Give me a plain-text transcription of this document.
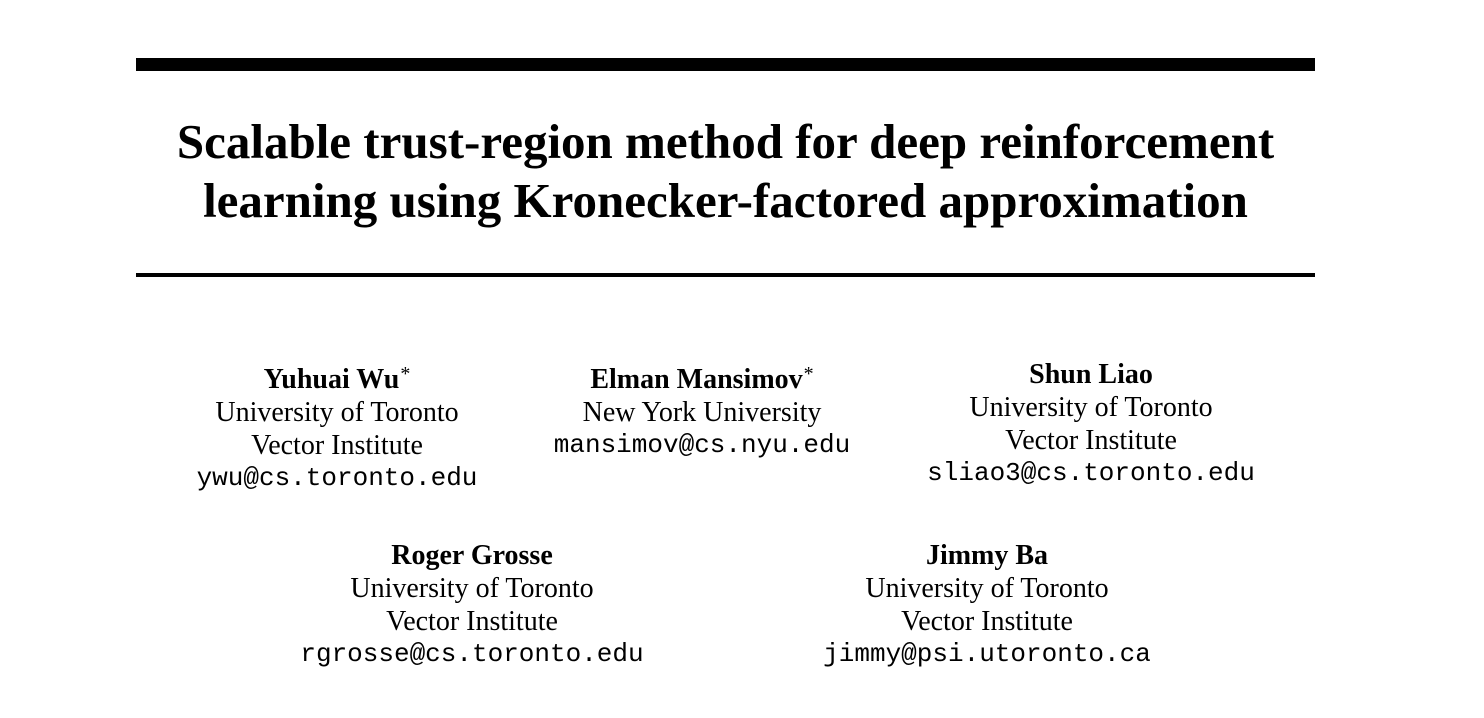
Scalable trust-region method for deep reinforcement
learning using Kronecker-factored approximation
Yuhuai Wu*
University of Toronto
Vector Institute
ywu@cs.toronto.edu
Elman Mansimov*
New York University
mansimov@cs.nyu.edu
Shun Liao
University of Toronto
Vector Institute
sliao3@cs.toronto.edu
Roger Grosse
University of Toronto
Vector Institute
rgrosse@cs.toronto.edu
Jimmy Ba
University of Toronto
Vector Institute
jimmy@psi.utoronto.ca
